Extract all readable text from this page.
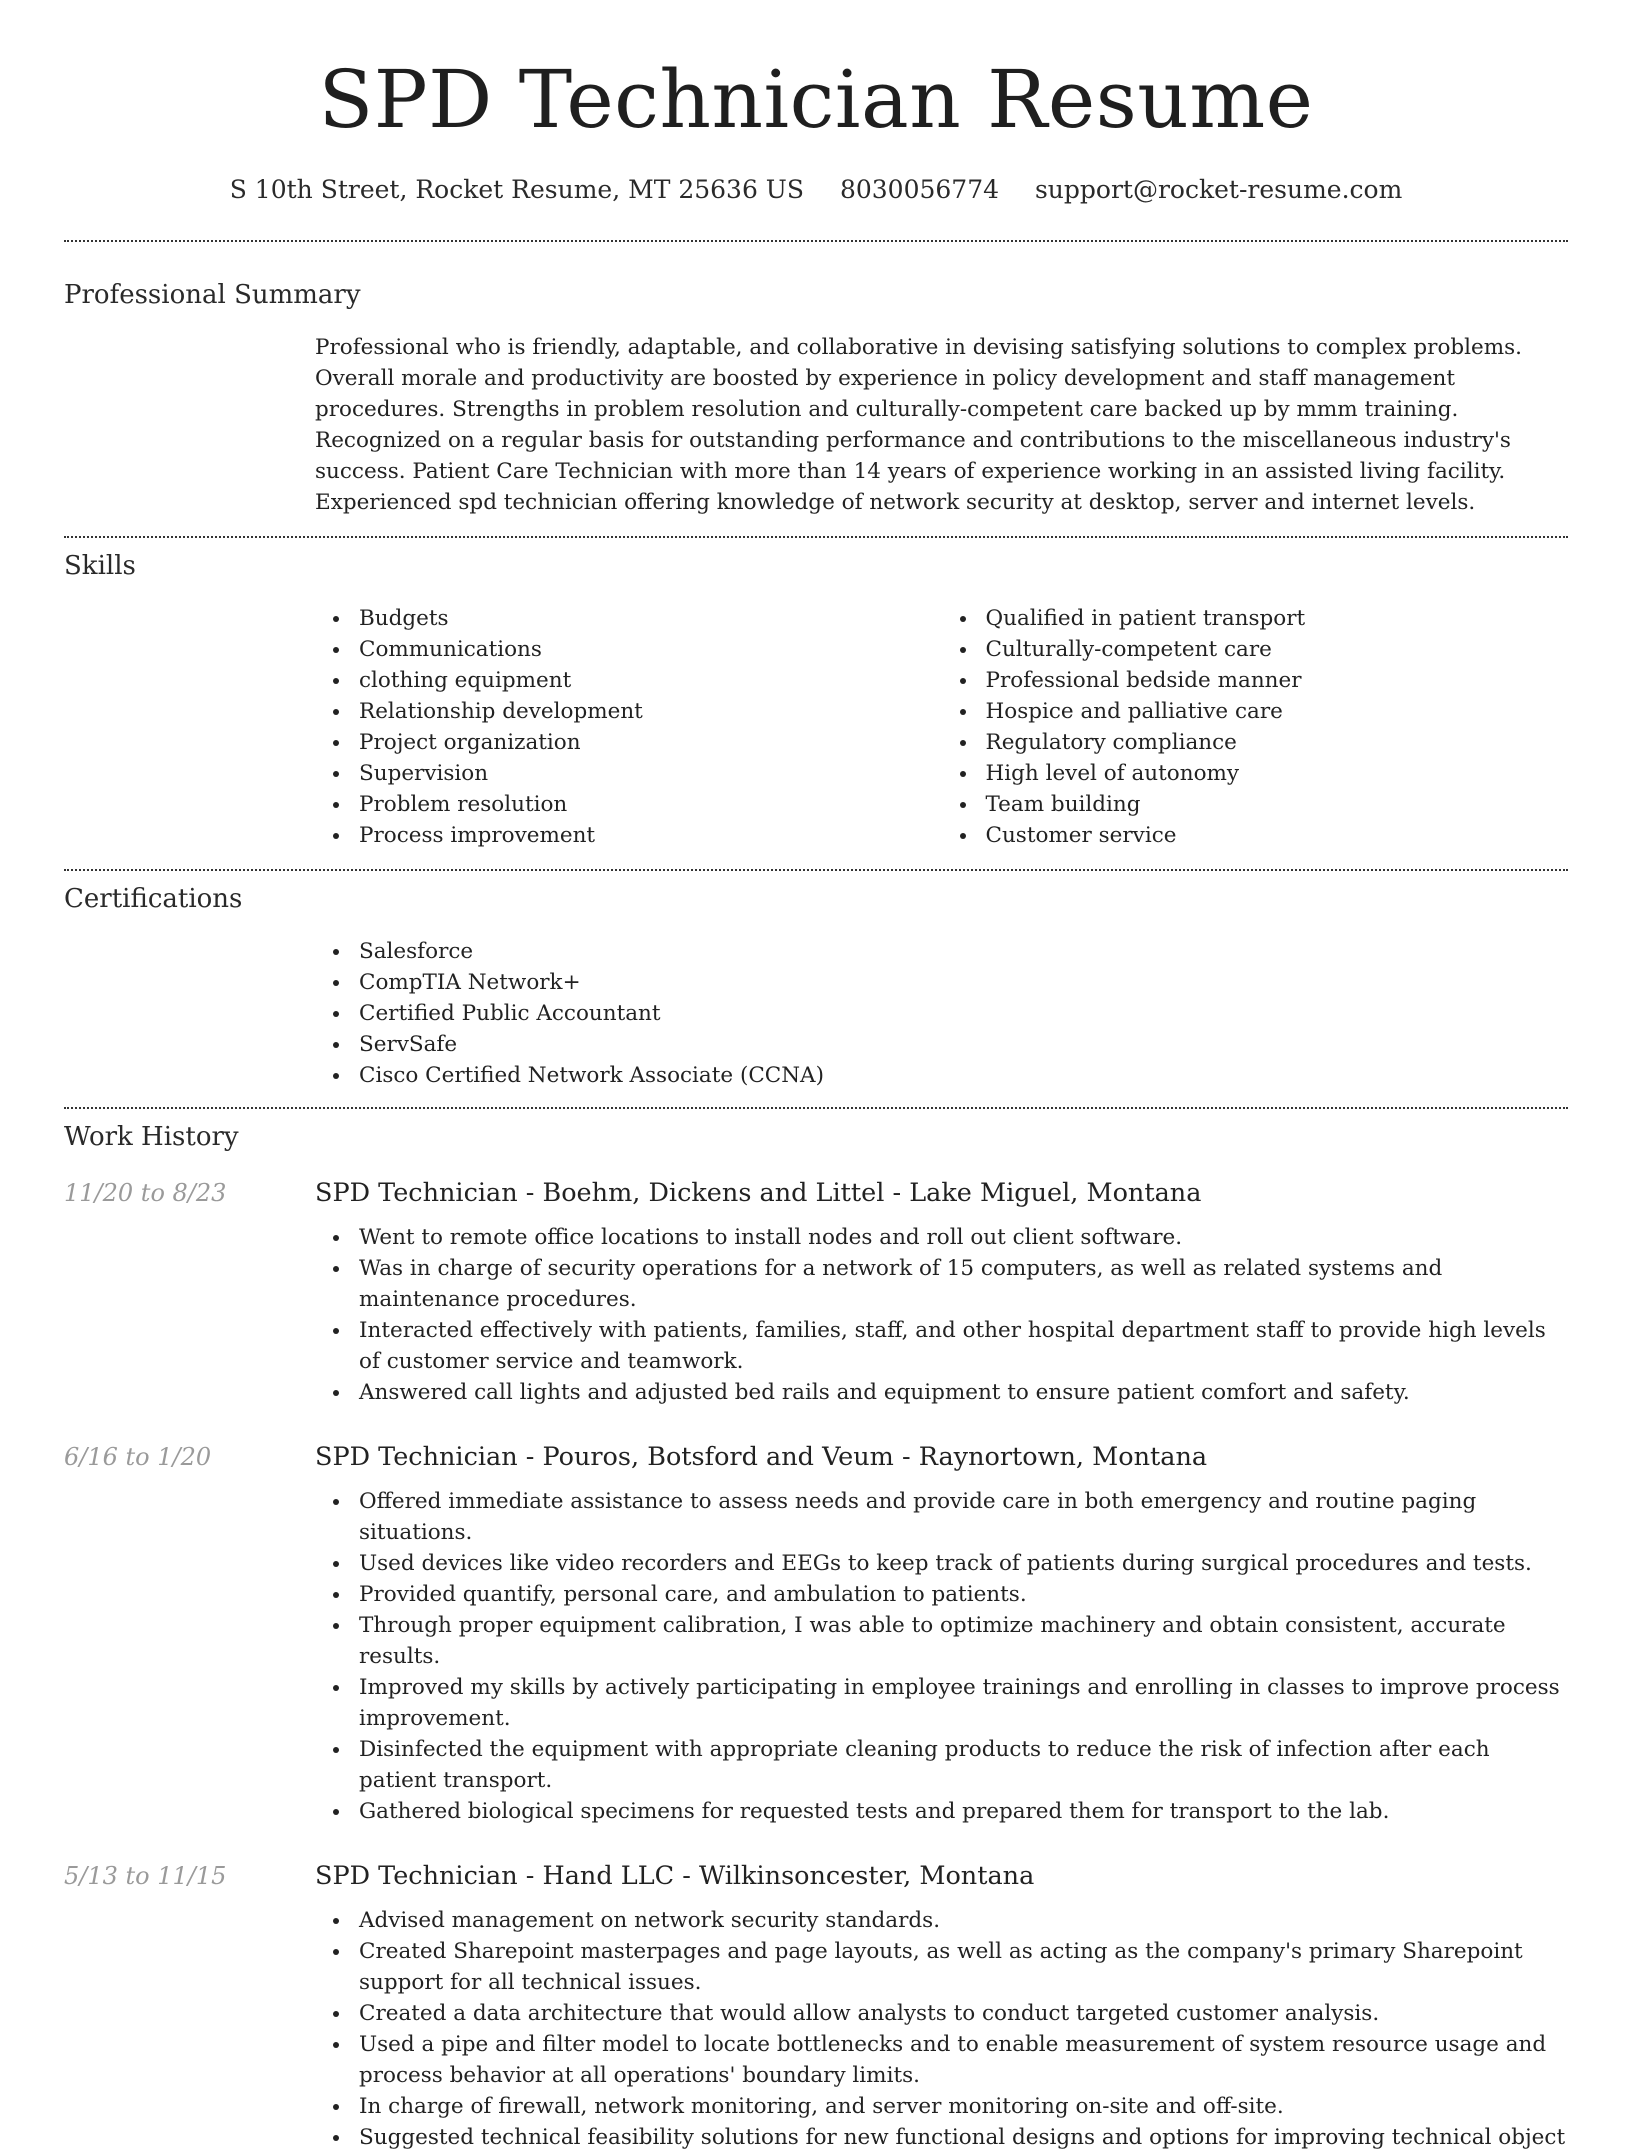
SPD Technician Resume
S 10th Street, Rocket Resume, MT 25636 US 8030056774 support@rocket-resume.com
Professional Summary

Professional who is friendly, adaptable, and collaborative in devising satisfying solutions to complex problems. Overall morale and productivity are boosted by experience in policy development and staff management procedures. Strengths in problem resolution and culturally-competent care backed up by mmm training. Recognized on a regular basis for outstanding performance and contributions to the miscellaneous industry's success. Patient Care Technician with more than 14 years of experience working in an assisted living facility. Experienced spd technician offering knowledge of network security at desktop, server and internet levels.

Skills
Budgets
Communications
clothing equipment
Relationship development
Project organization
Supervision
Problem resolution
Process improvement
Qualified in patient transport
Culturally-competent care
Professional bedside manner
Hospice and palliative care
Regulatory compliance
High level of autonomy
Team building
Customer service
Certifications
Salesforce
CompTIA Network+
Certified Public Accountant
ServSafe
Cisco Certified Network Associate (CCNA)
Work History
11/20 to 8/23	SPD Technician - Boehm, Dickens and Littel - Lake Miguel, Montana
Went to remote office locations to install nodes and roll out client software.
Was in charge of security operations for a network of 15 computers, as well as related systems and maintenance procedures.
Interacted effectively with patients, families, staff, and other hospital department staff to provide high levels of customer service and teamwork.
Answered call lights and adjusted bed rails and equipment to ensure patient comfort and safety.
6/16 to 1/20	SPD Technician - Pouros, Botsford and Veum - Raynortown, Montana
Offered immediate assistance to assess needs and provide care in both emergency and routine paging situations.
Used devices like video recorders and EEGs to keep track of patients during surgical procedures and tests.
Provided quantify, personal care, and ambulation to patients.
Through proper equipment calibration, I was able to optimize machinery and obtain consistent, accurate results.
Improved my skills by actively participating in employee trainings and enrolling in classes to improve process improvement.
Disinfected the equipment with appropriate cleaning products to reduce the risk of infection after each patient transport.
Gathered biological specimens for requested tests and prepared them for transport to the lab.
5/13 to 11/15	SPD Technician - Hand LLC - Wilkinsoncester, Montana
Advised management on network security standards.
Created Sharepoint masterpages and page layouts, as well as acting as the company's primary Sharepoint support for all technical issues.
Created a data architecture that would allow analysts to conduct targeted customer analysis.
Used a pipe and filter model to locate bottlenecks and to enable measurement of system resource usage and process behavior at all operations' boundary limits.
In charge of firewall, network monitoring, and server monitoring on-site and off-site.
Suggested technical feasibility solutions for new functional designs and options for improving technical object
